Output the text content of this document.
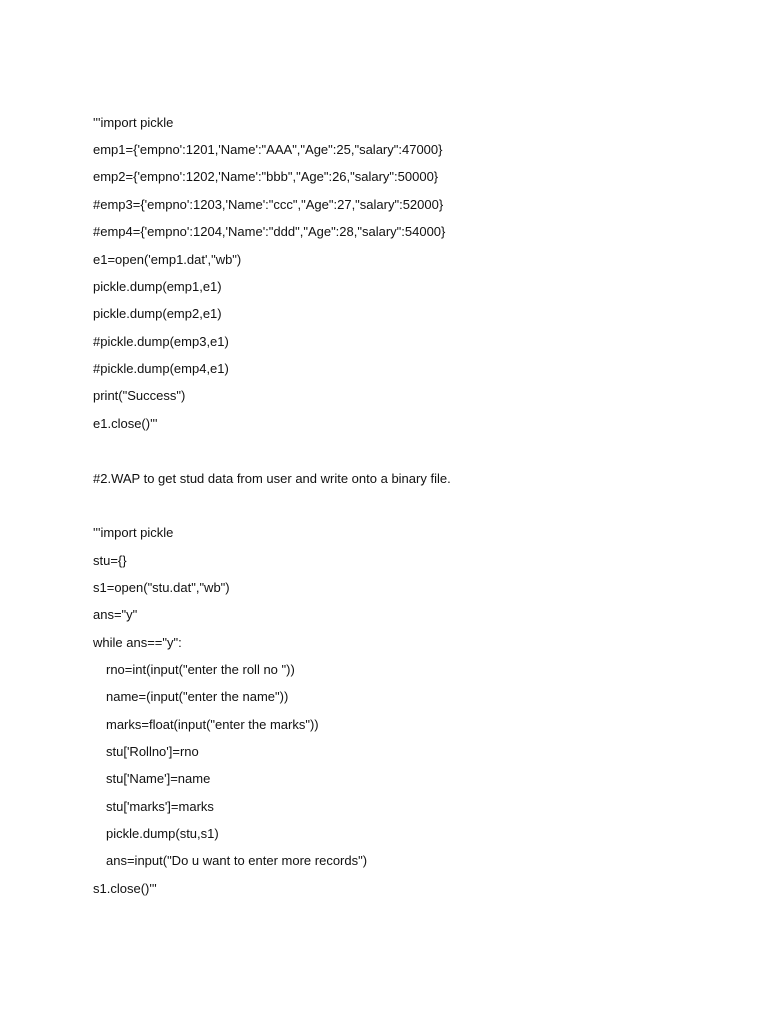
'''import pickle
emp1={'empno':1201,'Name':"AAA","Age":25,"salary":47000}
emp2={'empno':1202,'Name':"bbb","Age":26,"salary":50000}
#emp3={'empno':1203,'Name':"ccc","Age":27,"salary":52000}
#emp4={'empno':1204,'Name':"ddd","Age":28,"salary":54000}
e1=open('emp1.dat',"wb")
pickle.dump(emp1,e1)
pickle.dump(emp2,e1)
#pickle.dump(emp3,e1)
#pickle.dump(emp4,e1)
print("Success")
e1.close()'''
#2.WAP to get stud data from user and write onto a binary file.
'''import pickle
stu={}
s1=open("stu.dat","wb")
ans="y"
while ans=="y":
rno=int(input("enter the roll no "))
name=(input("enter the name"))
marks=float(input("enter the marks"))
stu['Rollno']=rno
stu['Name']=name
stu['marks']=marks
pickle.dump(stu,s1)
ans=input("Do u want to enter more records")
s1.close()'''
